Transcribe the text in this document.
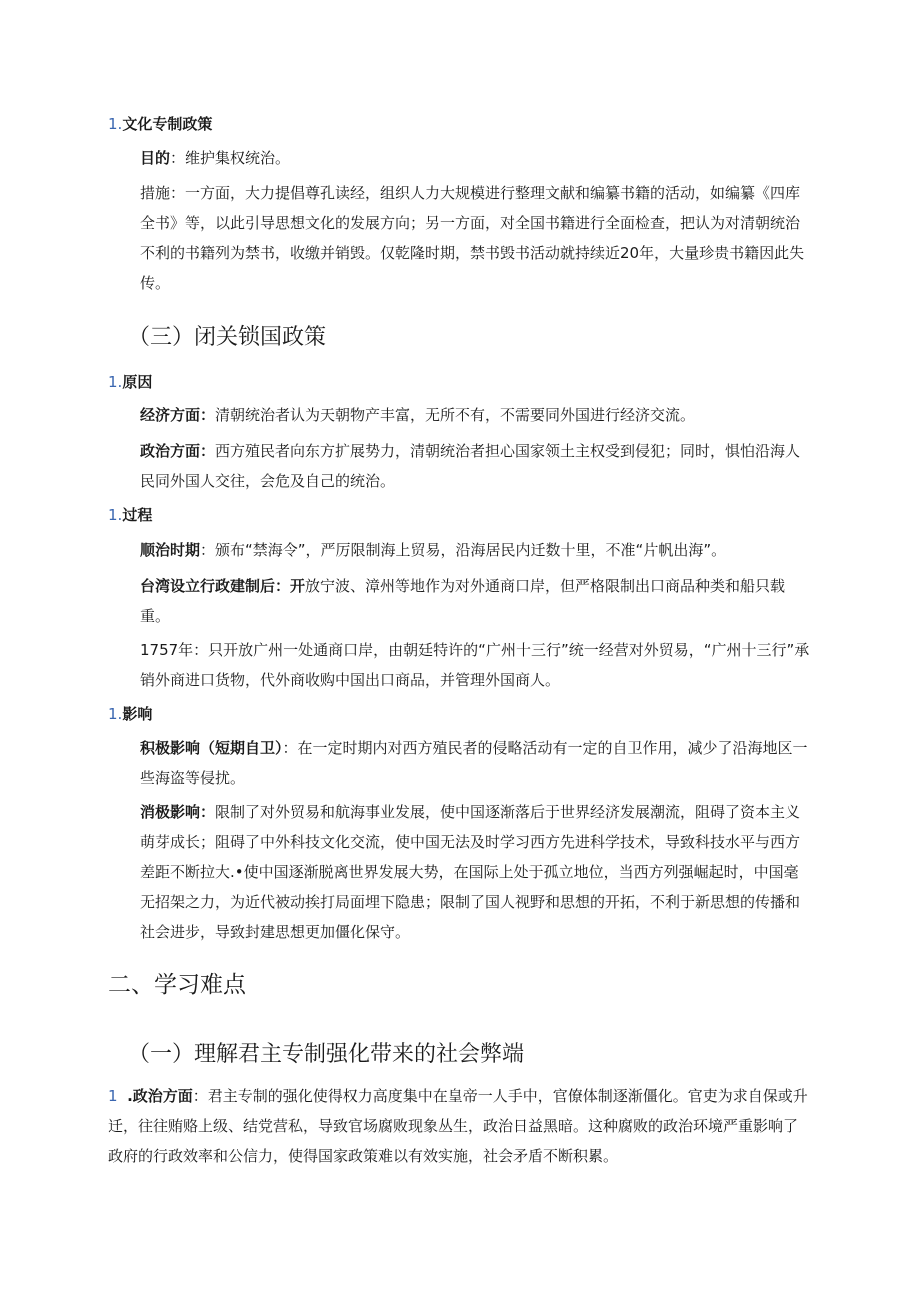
1.文化专制政策

目的：维护集权统治。

措施：一方面，大力提倡尊孔读经，组织人力大规模进行整理文献和编纂书籍的活动，如编纂《四库全书》等，以此引导思想文化的发展方向；另一方面，对全国书籍进行全面检查，把认为对清朝统治不利的书籍列为禁书，收缴并销毁。仅乾隆时期，禁书毁书活动就持续近20年，大量珍贵书籍因此失传。

（三）闭关锁国政策
1.原因

经济方面：清朝统治者认为天朝物产丰富，无所不有，不需要同外国进行经济交流。

政治方面：西方殖民者向东方扩展势力，清朝统治者担心国家领土主权受到侵犯；同时，惧怕沿海人民同外国人交往，会危及自己的统治。

1.过程

顺治时期：颁布“禁海令”，严厉限制海上贸易，沿海居民内迁数十里，不准“片帆出海”。

台湾设立行政建制后：开放宁波、漳州等地作为对外通商口岸，但严格限制出口商品种类和船只载重。

1757年：只开放广州一处通商口岸，由朝廷特许的“广州十三行”统一经营对外贸易，“广州十三行”承销外商进口货物，代外商收购中国出口商品，并管理外国商人。

1.影响

积极影响（短期自卫）：在一定时期内对西方殖民者的侵略活动有一定的自卫作用，减少了沿海地区一些海盗等侵扰。

消极影响：限制了对外贸易和航海事业发展，使中国逐渐落后于世界经济发展潮流，阻碍了资本主义萌芽成长；阻碍了中外科技文化交流，使中国无法及时学习西方先进科学技术，导致科技水平与西方差距不断拉大.•使中国逐渐脱离世界发展大势，在国际上处于孤立地位，当西方列强崛起时，中国毫无招架之力，为近代被动挨打局面埋下隐患；限制了国人视野和思想的开拓，不利于新思想的传播和社会进步，导致封建思想更加僵化保守。

二、学习难点
（一）理解君主专制强化带来的社会弊端

1 .政治方面：君主专制的强化使得权力高度集中在皇帝一人手中，官僚体制逐渐僵化。官吏为求自保或升迁，往往贿赂上级、结党营私，导致官场腐败现象丛生，政治日益黑暗。这种腐败的政治环境严重影响了政府的行政效率和公信力，使得国家政策难以有效实施，社会矛盾不断积累。
